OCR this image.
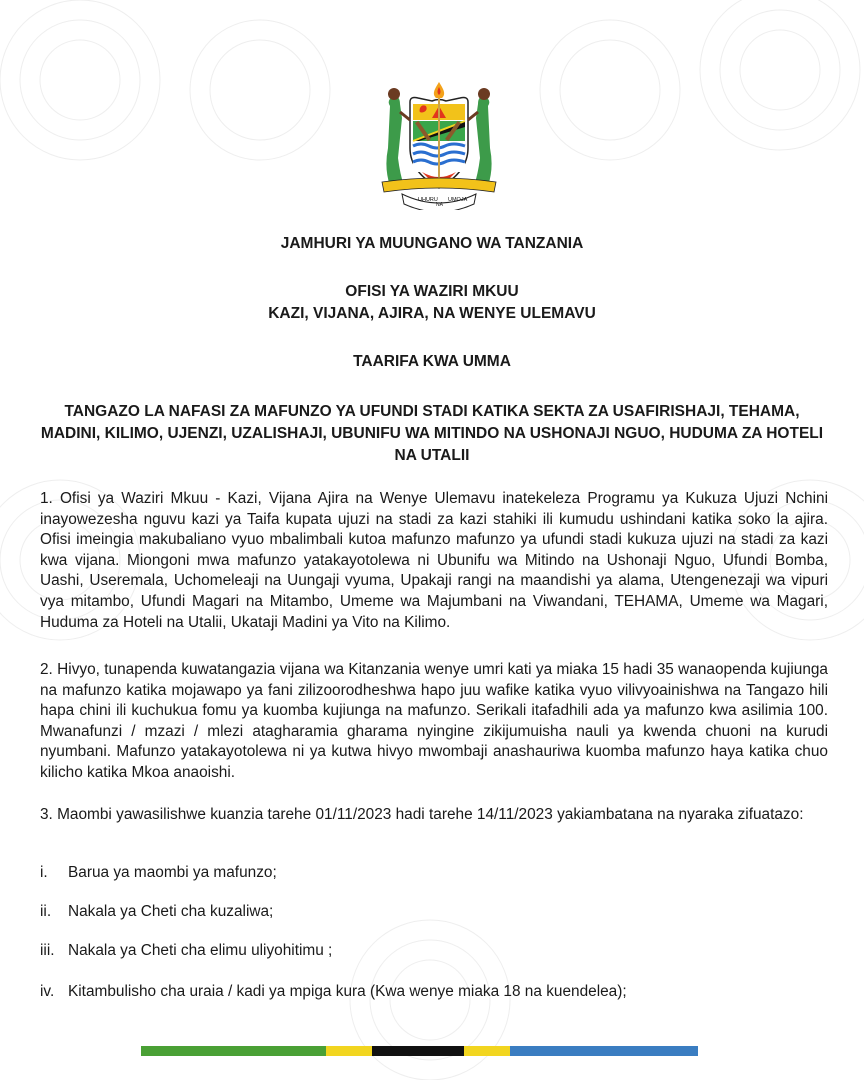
UHURU
NA
UMOJA

JAMHURI YA MUUNGANO WA TANZANIA

OFISI YA WAZIRI MKUU
KAZI, VIJANA, AJIRA, NA WENYE ULEMAVU

TAARIFA KWA UMMA

TANGAZO LA NAFASI ZA MAFUNZO YA UFUNDI STADI KATIKA SEKTA ZA USAFIRISHAJI, TEHAMA, MADINI, KILIMO, UJENZI, UZALISHAJI, UBUNIFU WA MITINDO NA USHONAJI NGUO, HUDUMA ZA HOTELI NA UTALII

1. Ofisi ya Waziri Mkuu - Kazi, Vijana Ajira na Wenye Ulemavu inatekeleza Programu ya Kukuza Ujuzi Nchini inayowezesha nguvu kazi ya Taifa kupata ujuzi na stadi za kazi stahiki ili kumudu ushindani katika soko la ajira. Ofisi imeingia makubaliano vyuo mbalimbali kutoa mafunzo mafunzo ya ufundi stadi kukuza ujuzi na stadi za kazi kwa vijana. Miongoni mwa mafunzo yatakayotolewa ni Ubunifu wa Mitindo na Ushonaji Nguo, Ufundi Bomba, Uashi, Useremala, Uchomeleaji na Uungaji vyuma, Upakaji rangi na maandishi ya alama, Utengenezaji wa vipuri vya mitambo, Ufundi Magari na Mitambo, Umeme wa Majumbani na Viwandani, TEHAMA, Umeme wa Magari, Huduma za Hoteli na Utalii, Ukataji Madini ya Vito na Kilimo.

2. Hivyo, tunapenda kuwatangazia vijana wa Kitanzania wenye umri kati ya miaka 15 hadi 35 wanaopenda kujiunga na mafunzo katika mojawapo ya fani zilizoorodheshwa hapo juu wafike katika vyuo vilivyoainishwa na Tangazo hili hapa chini ili kuchukua fomu ya kuomba kujiunga na mafunzo. Serikali itafadhili ada ya mafunzo kwa asilimia 100. Mwanafunzi / mzazi / mlezi atagharamia gharama nyingine zikijumuisha nauli ya kwenda chuoni na kurudi nyumbani. Mafunzo yatakayotolewa ni ya kutwa hivyo mwombaji anashauriwa kuomba mafunzo haya katika chuo kilicho katika Mkoa anaoishi.

3. Maombi yawasilishwe kuanzia tarehe 01/11/2023 hadi tarehe 14/11/2023 yakiambatana na nyaraka zifuatazo:

i. Barua ya maombi ya mafunzo;
ii. Nakala ya Cheti cha kuzaliwa;
iii. Nakala ya Cheti cha elimu uliyohitimu ;
iv. Kitambulisho cha uraia / kadi ya mpiga kura (Kwa wenye miaka 18 na kuendelea);
